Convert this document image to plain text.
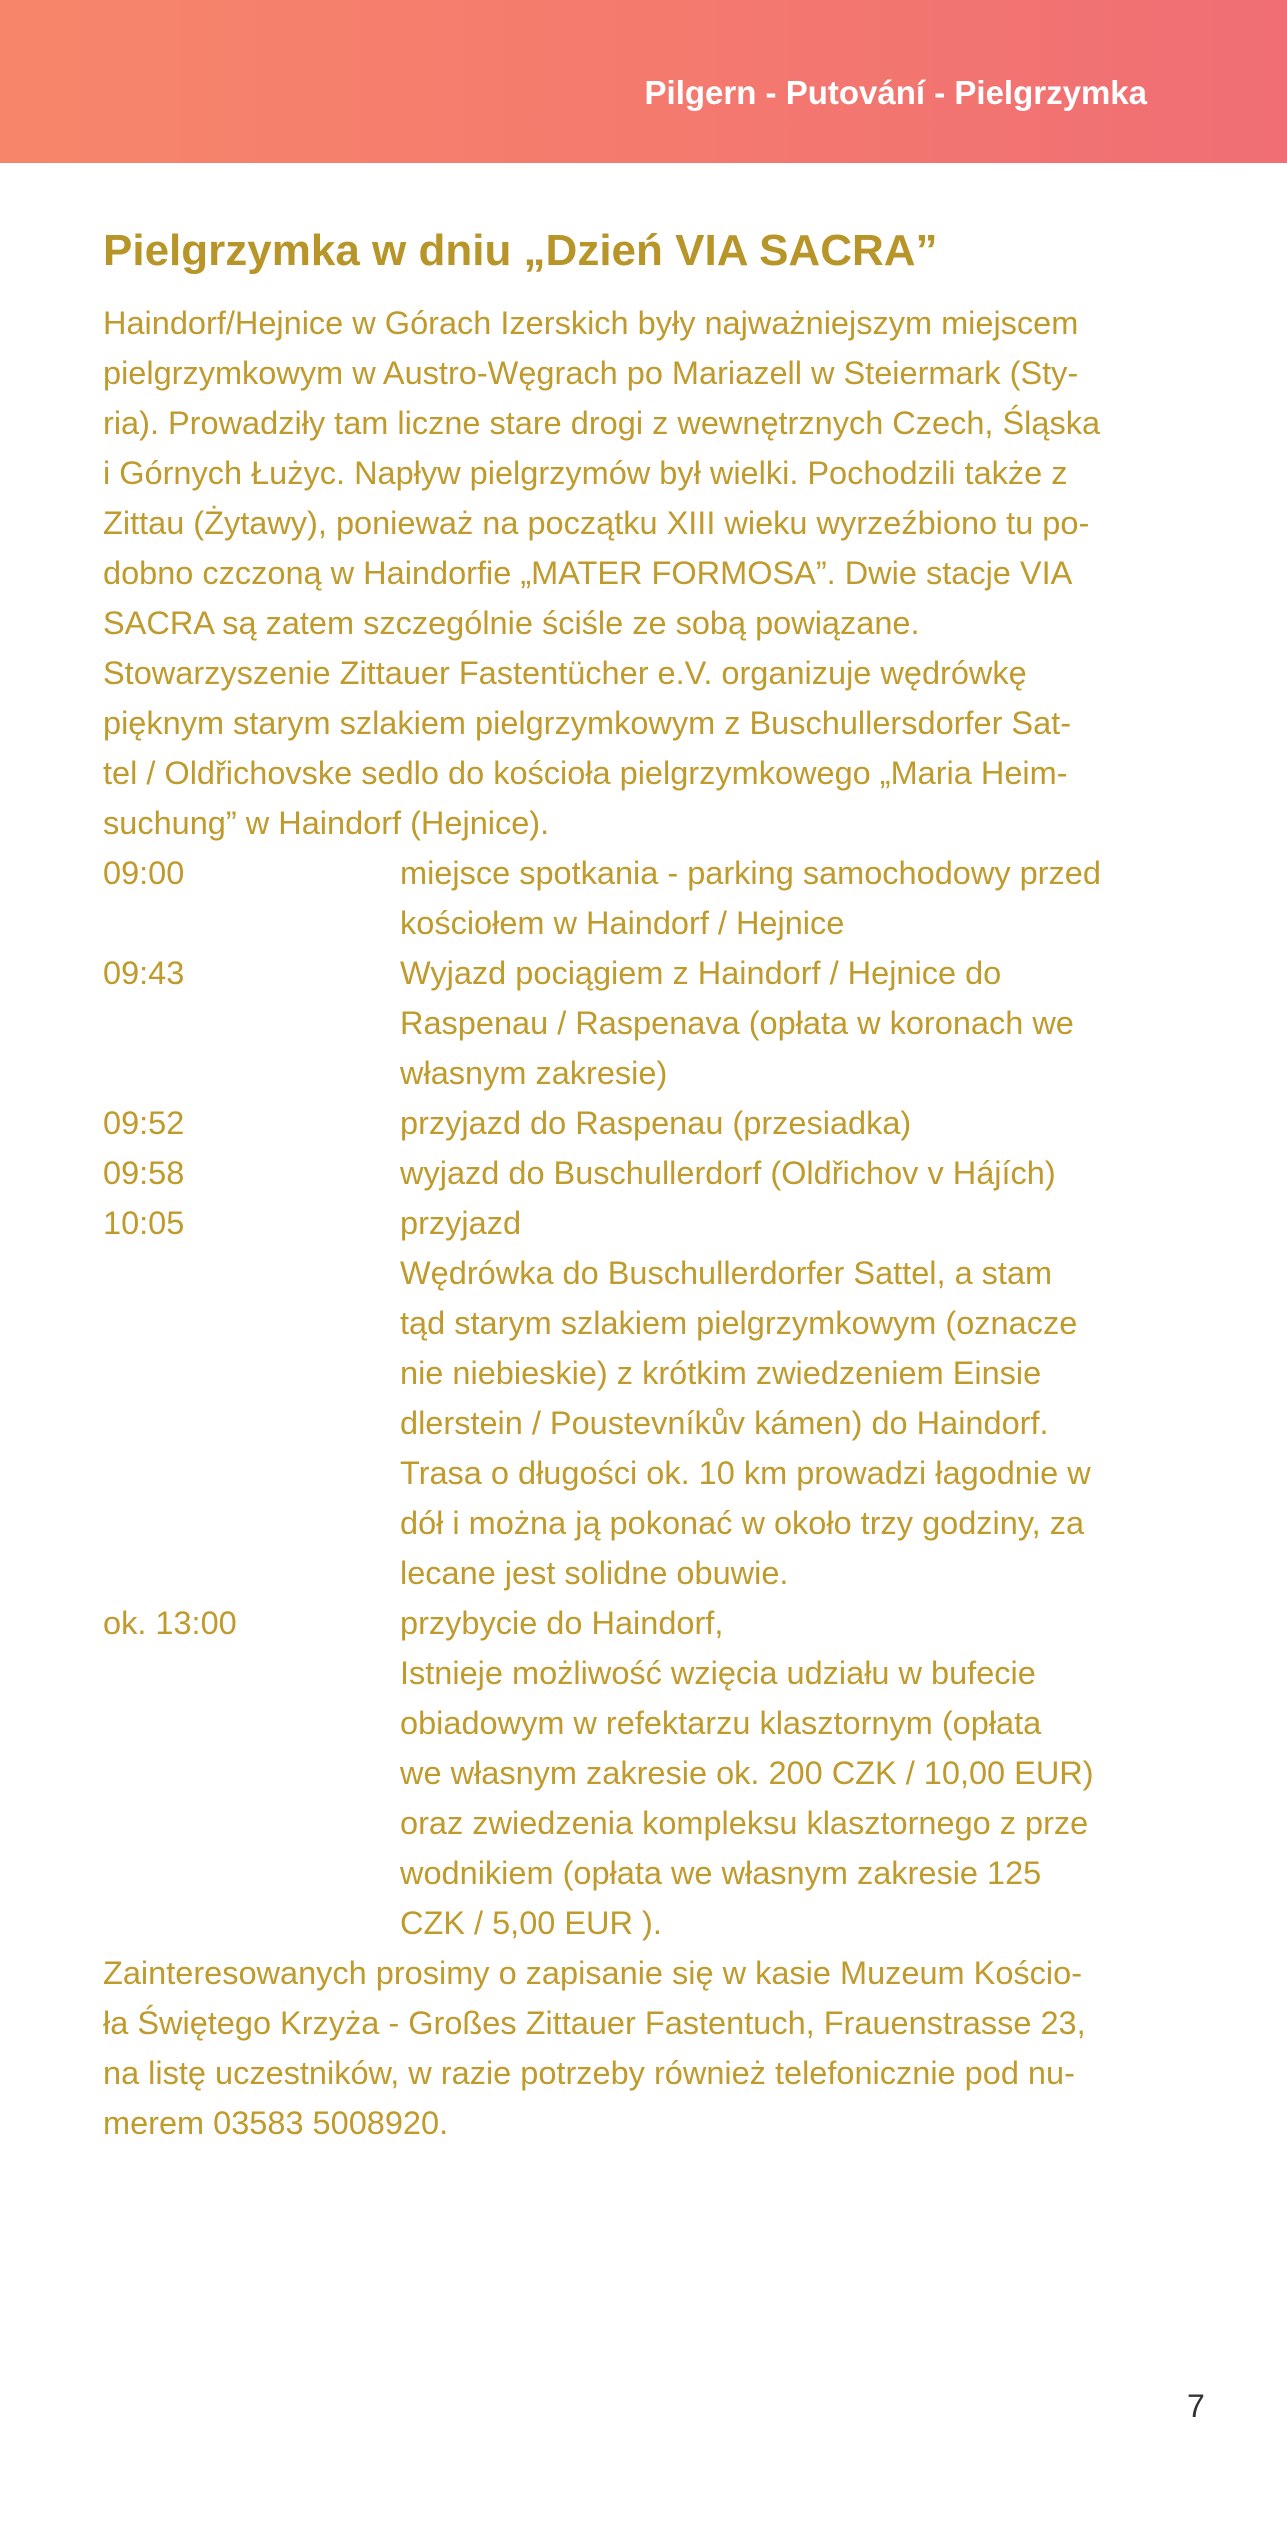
Pilgern - Putování - Pielgrzymka
Pielgrzymka w dniu „Dzień VIA SACRA”

Haindorf/Hejnice w Górach Izerskich były najważniejszym miejscem
pielgrzymkowym w Austro-Węgrach po Mariazell w Steiermark (Sty-
ria). Prowadziły tam liczne stare drogi z wewnętrznych Czech, Śląska
i Górnych Łużyc. Napływ pielgrzymów był wielki. Pochodzili także z
Zittau (Żytawy), ponieważ na początku XIII wieku wyrzeźbiono tu po-
dobno czczoną w Haindorfie „MATER FORMOSA”. Dwie stacje VIA
SACRA są zatem szczególnie ściśle ze sobą powiązane.

Stowarzyszenie Zittauer Fastentücher e.V. organizuje wędrówkę
pięknym starym szlakiem pielgrzymkowym z Buschullersdorfer Sat-
tel / Oldřichovske sedlo do kościoła pielgrzymkowego „Maria Heim-
suchung” w Haindorf (Hejnice).

09:00	miejsce spotkania - parking samochodowy przed
kościołem w Haindorf / Hejnice
09:43	Wyjazd pociągiem z Haindorf / Hejnice do
Raspenau / Raspenava (opłata w koronach we
własnym zakresie)
09:52	przyjazd do Raspenau (przesiadka)
09:58	wyjazd do Buschullerdorf (Oldřichov v Hájích)
10:05	przyjazd
Wędrówka do Buschullerdorfer Sattel, a stam
tąd starym szlakiem pielgrzymkowym (oznacze
nie niebieskie) z krótkim zwiedzeniem Einsie
dlerstein / Poustevníkův kámen) do Haindorf.
Trasa o długości ok. 10 km prowadzi łagodnie w
dół i można ją pokonać w około trzy godziny, za
lecane jest solidne obuwie.
ok. 13:00	przybycie do Haindorf,
Istnieje możliwość wzięcia udziału w bufecie
obiadowym w refektarzu klasztornym (opłata
we własnym zakresie ok. 200 CZK / 10,00 EUR)
oraz zwiedzenia kompleksu klasztornego z prze
wodnikiem (opłata we własnym zakresie 125
CZK / 5,00 EUR ).

Zainteresowanych prosimy o zapisanie się w kasie Muzeum Kościo-
ła Świętego Krzyża - Großes Zittauer Fastentuch, Frauenstrasse 23,
na listę uczestników, w razie potrzeby również telefonicznie pod nu-
merem 03583 5008920.

7
